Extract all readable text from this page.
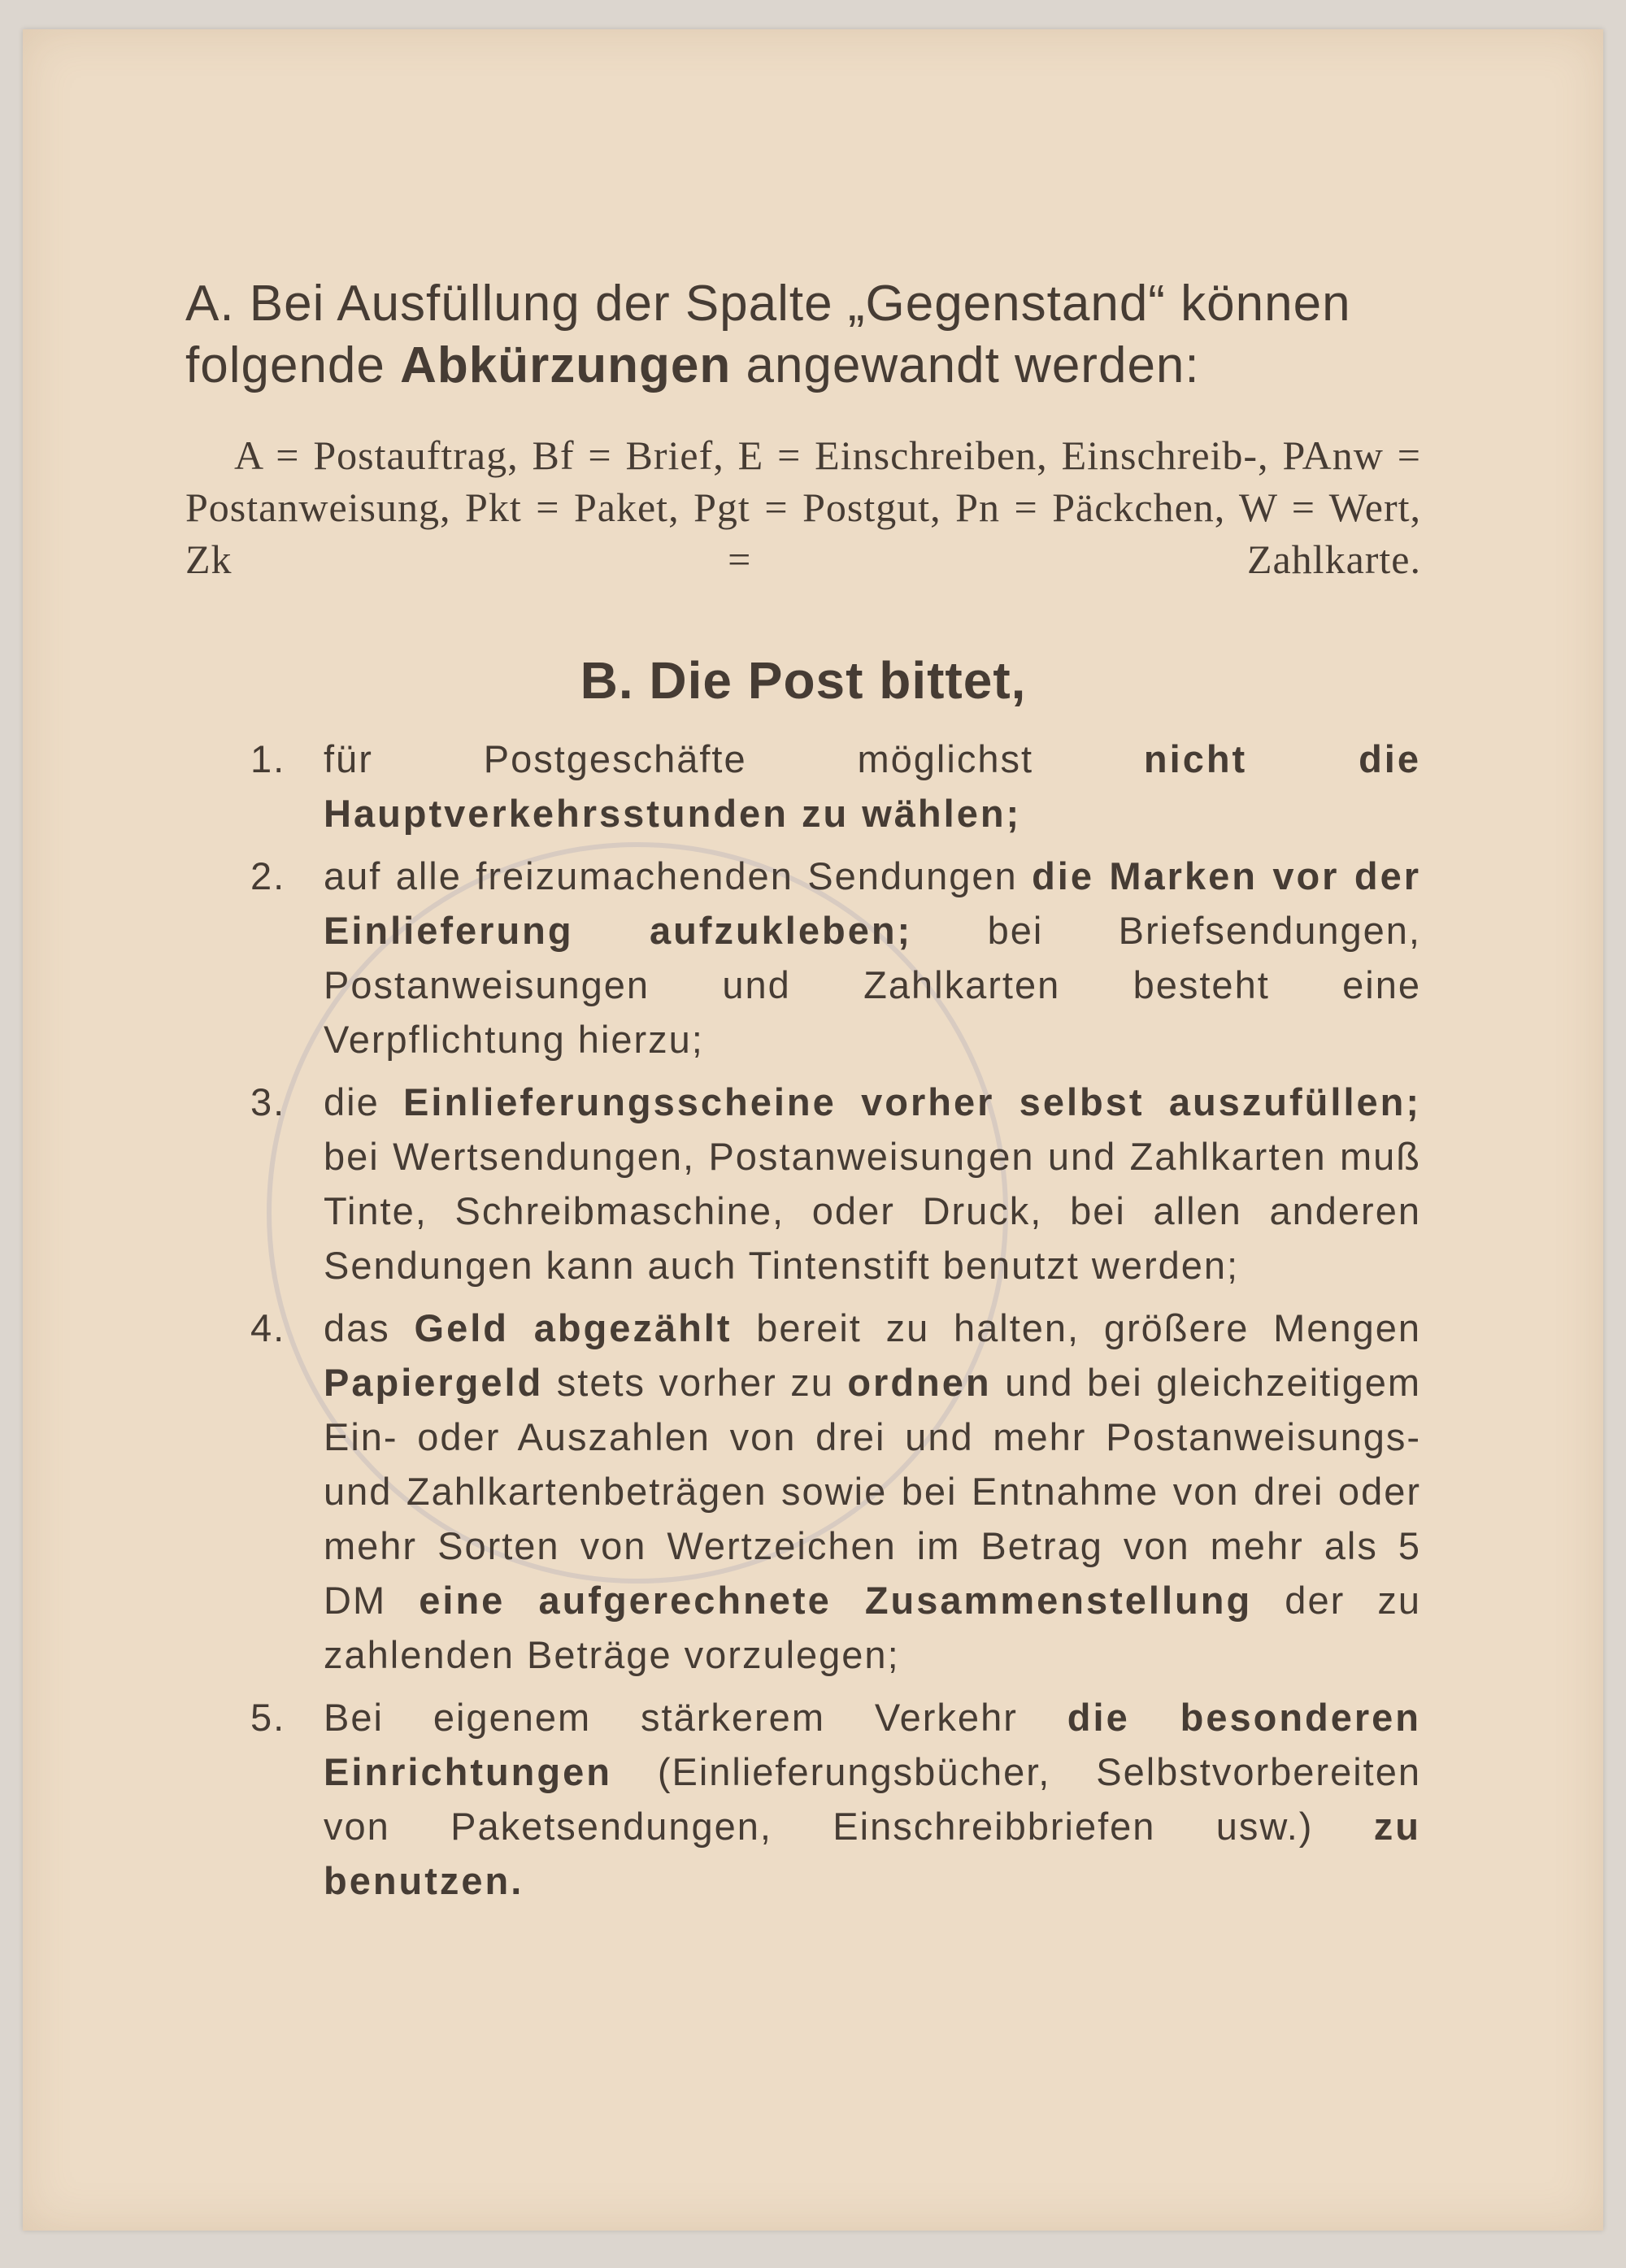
A. Bei Ausfüllung der Spalte „Gegenstand“ können folgende Abkürzungen angewandt werden:

A = Postauftrag, Bf = Brief, E = Einschreiben, Einschreib-, PAnw = Postanweisung, Pkt = Paket, Pgt = Postgut, Pn = Päckchen, W = Wert, Zk = Zahlkarte.

B. Die Post bittet,
1. für Postgeschäfte möglichst nicht die Hauptverkehrsstunden zu wählen;
2. auf alle freizumachenden Sendungen die Marken vor der Einlieferung aufzukleben; bei Briefsendungen, Postanweisungen und Zahlkarten besteht eine Verpflichtung hierzu;
3. die Einlieferungsscheine vorher selbst auszufüllen; bei Wertsendungen, Postanweisungen und Zahlkarten muß Tinte, Schreibmaschine, oder Druck, bei allen anderen Sendungen kann auch Tintenstift benutzt werden;
4. das Geld abgezählt bereit zu halten, größere Mengen Papiergeld stets vorher zu ordnen und bei gleichzeitigem Ein- oder Auszahlen von drei und mehr Postanweisungs- und Zahlkartenbeträgen sowie bei Entnahme von drei oder mehr Sorten von Wertzeichen im Betrag von mehr als 5 DM eine aufgerechnete Zusammenstellung der zu zahlenden Beträge vorzulegen;
5. Bei eigenem stärkerem Verkehr die besonderen Einrichtungen (Einlieferungsbücher, Selbstvorbereiten von Paketsendungen, Einschreibbriefen usw.) zu benutzen.
